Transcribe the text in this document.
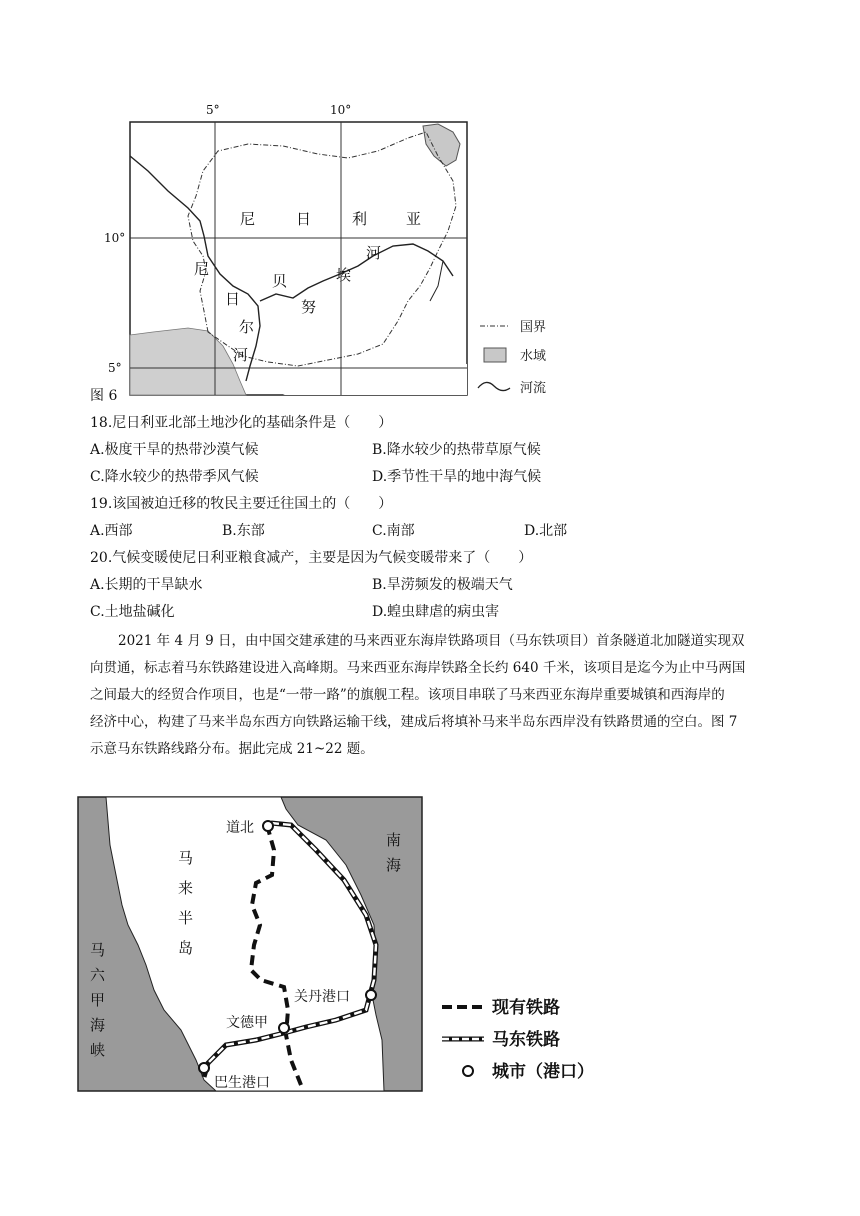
5°	10°
10°
5°
尼	日	利	亚
尼
日
尔
河
贝
努
埃
河
国界
水域
河流
图 6
18.尼日利亚北部土地沙化的基础条件是（　　）
A.极度干旱的热带沙漠气候	B.降水较少的热带草原气候
C.降水较少的热带季风气候	D.季节性干旱的地中海气候
19.该国被迫迁移的牧民主要迁往国土的（　　）
A.西部	B.东部	C.南部	D.北部
20.气候变暖使尼日利亚粮食减产，主要是因为气候变暖带来了（　　）
A.长期的干旱缺水	B.旱涝频发的极端天气
C.土地盐碱化	D.蝗虫肆虐的病虫害
2021 年 4 月 9 日，由中国交建承建的马来西亚东海岸铁路项目（马东铁项目）首条隧道北加隧道实现双
向贯通，标志着马东铁路建设进入高峰期。马来西亚东海岸铁路全长约 640 千米，该项目是迄今为止中马两国
之间最大的经贸合作项目，也是“一带一路”的旗舰工程。该项目串联了马来西亚东海岸重要城镇和西海岸的
经济中心，构建了马来半岛东西方向铁路运输干线，建成后将填补马来半岛东西岸没有铁路贯通的空白。图 7
示意马东铁路线路分布。据此完成 21~22 题。
道北
关丹港口
文德甲
巴生港口
马
来
半
岛
马
六
甲
海
峡
南
海
现有铁路
马东铁路
城市（港口）
